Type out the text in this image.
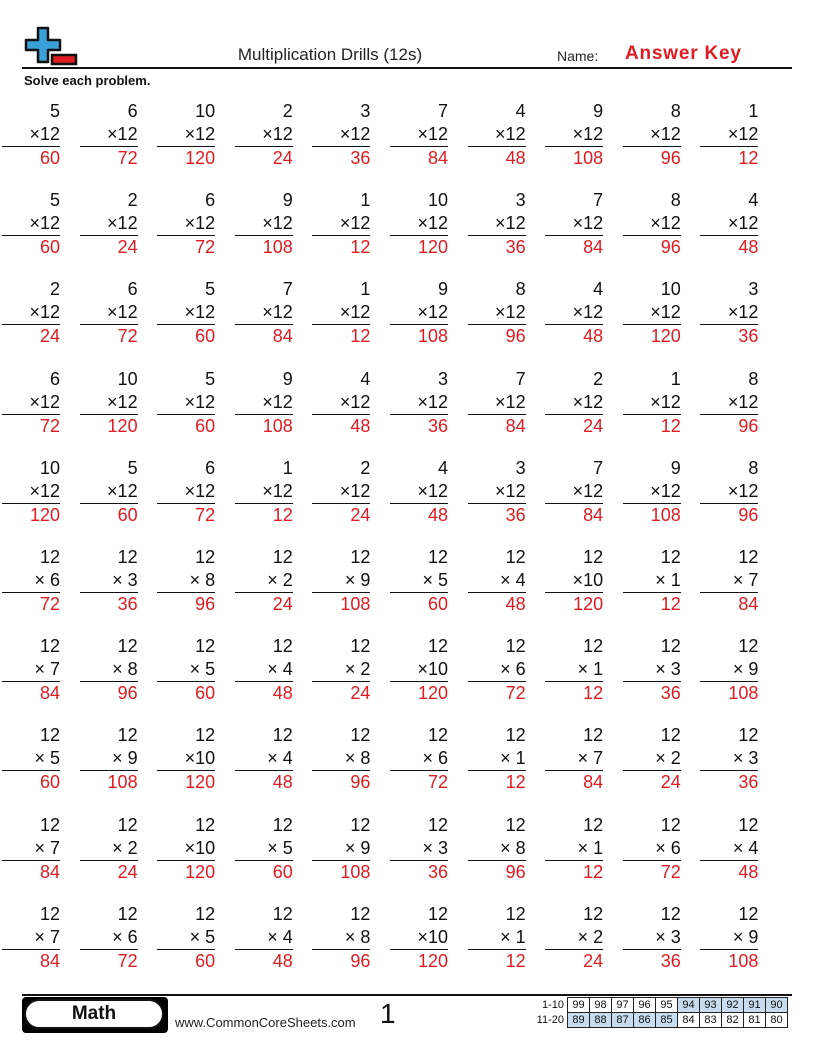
Multiplication Drills (12s)	Name: Answer Key
Solve each problem.
5
×12
60
6
×12
72
10
×12
120
2
×12
24
3
×12
36
7
×12
84
4
×12
48
9
×12
108
8
×12
96
1
×12
12
5
×12
60
2
×12
24
6
×12
72
9
×12
108
1
×12
12
10
×12
120
3
×12
36
7
×12
84
8
×12
96
4
×12
48
2
×12
24
6
×12
72
5
×12
60
7
×12
84
1
×12
12
9
×12
108
8
×12
96
4
×12
48
10
×12
120
3
×12
36
6
×12
72
10
×12
120
5
×12
60
9
×12
108
4
×12
48
3
×12
36
7
×12
84
2
×12
24
1
×12
12
8
×12
96
10
×12
120
5
×12
60
6
×12
72
1
×12
12
2
×12
24
4
×12
48
3
×12
36
7
×12
84
9
×12
108
8
×12
96
12
× 6
72
12
× 3
36
12
× 8
96
12
× 2
24
12
× 9
108
12
× 5
60
12
× 4
48
12
×10
120
12
× 1
12
12
× 7
84
12
× 7
84
12
× 8
96
12
× 5
60
12
× 4
48
12
× 2
24
12
×10
120
12
× 6
72
12
× 1
12
12
× 3
36
12
× 9
108
12
× 5
60
12
× 9
108
12
×10
120
12
× 4
48
12
× 8
96
12
× 6
72
12
× 1
12
12
× 7
84
12
× 2
24
12
× 3
36
12
× 7
84
12
× 2
24
12
×10
120
12
× 5
60
12
× 9
108
12
× 3
36
12
× 8
96
12
× 1
12
12
× 6
72
12
× 4
48
12
× 7
84
12
× 6
72
12
× 5
60
12
× 4
48
12
× 8
96
12
×10
120
12
× 1
12
12
× 2
24
12
× 3
36
12
× 9
108
Math	www.CommonCoreSheets.com 1	1-10	99	98	97	96	95	94	93	92	91	90
11-20	89	88	87	86	85	84	83	82	81	80
